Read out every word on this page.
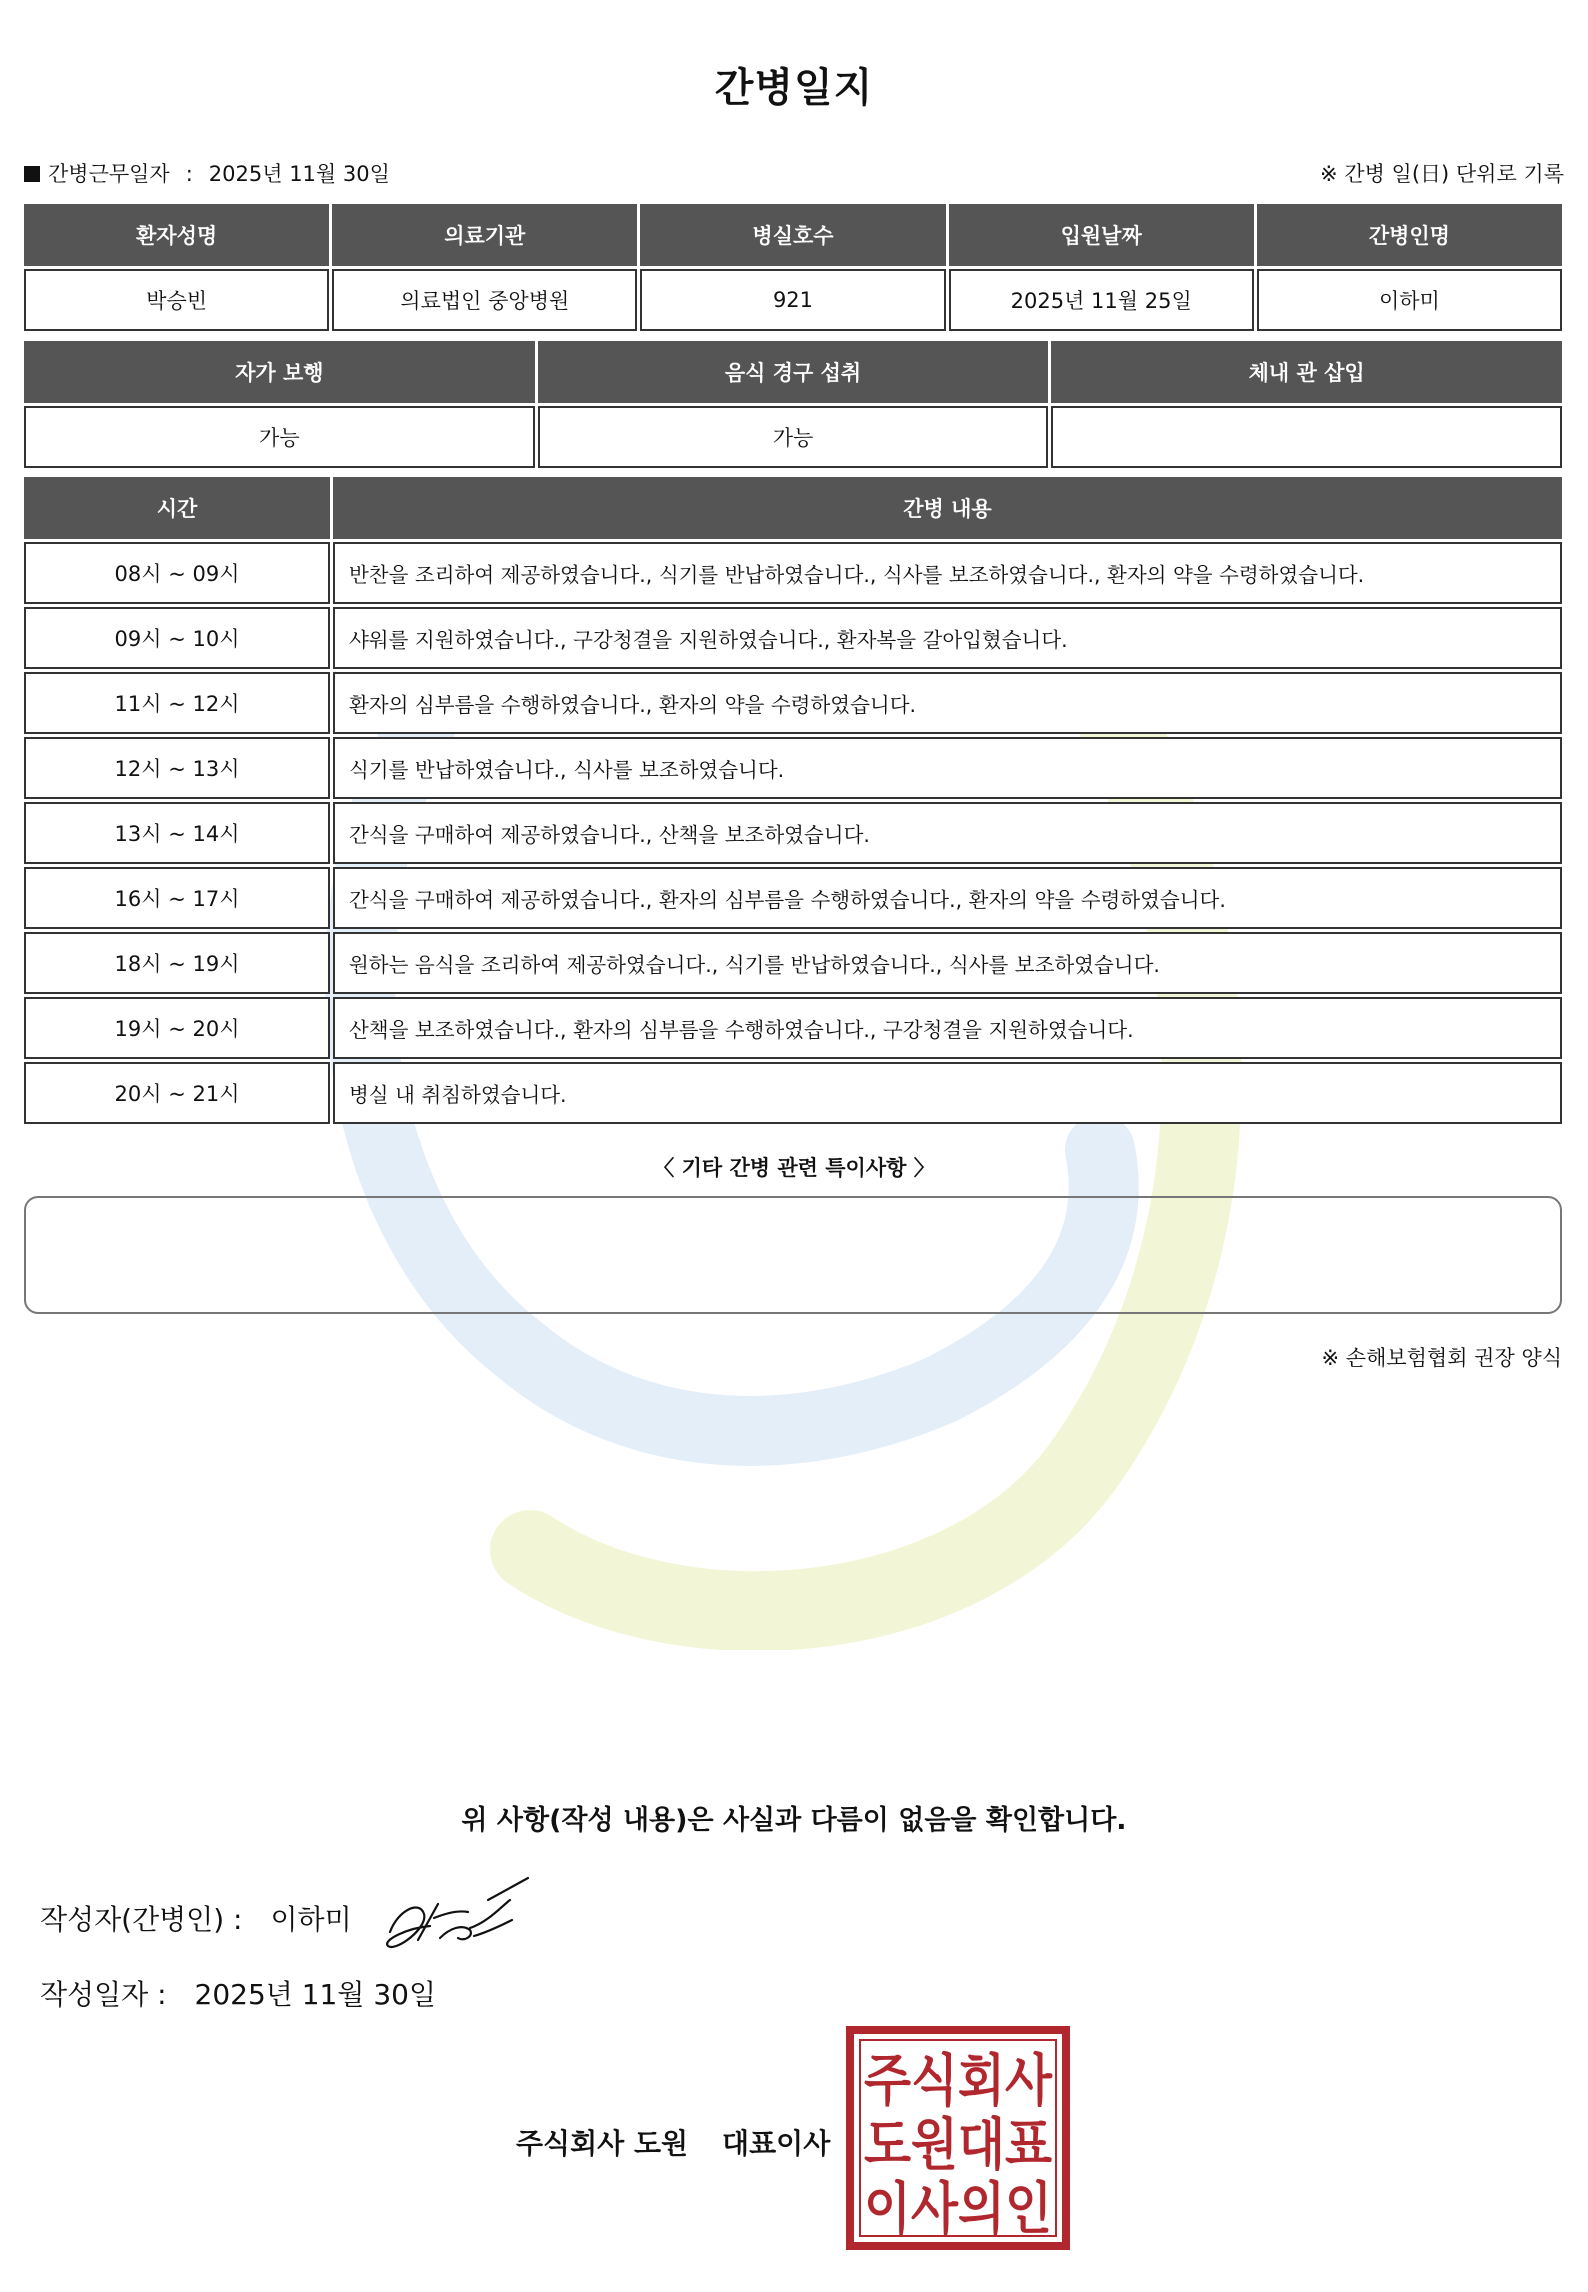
간병일지
간병근무일자 : 2025년 11월 30일	※ 간병 일(日) 단위로 기록
환자성명	의료기관	병실호수	입원날짜	간병인명
박승빈	의료법인 중앙병원	921	2025년 11월 25일	이하미
자가 보행	음식 경구 섭취	체내 관 삽입
가능	가능
시간	간병 내용
08시 ~ 09시	반찬을 조리하여 제공하였습니다., 식기를 반납하였습니다., 식사를 보조하였습니다., 환자의 약을 수령하였습니다.
09시 ~ 10시	샤워를 지원하였습니다., 구강청결을 지원하였습니다., 환자복을 갈아입혔습니다.
11시 ~ 12시	환자의 심부름을 수행하였습니다., 환자의 약을 수령하였습니다.
12시 ~ 13시	식기를 반납하였습니다., 식사를 보조하였습니다.
13시 ~ 14시	간식을 구매하여 제공하였습니다., 산책을 보조하였습니다.
16시 ~ 17시	간식을 구매하여 제공하였습니다., 환자의 심부름을 수행하였습니다., 환자의 약을 수령하였습니다.
18시 ~ 19시	원하는 음식을 조리하여 제공하였습니다., 식기를 반납하였습니다., 식사를 보조하였습니다.
19시 ~ 20시	산책을 보조하였습니다., 환자의 심부름을 수행하였습니다., 구강청결을 지원하였습니다.
20시 ~ 21시	병실 내 취침하였습니다.
〈 기타 간병 관련 특이사항 〉
※ 손해보험협회 권장 양식
위 사항(작성 내용)은 사실과 다름이 없음을 확인합니다.
작성자(간병인) : 이하미
작성일자 : 2025년 11월 30일
주식회사 도원 대표이사
주식회사
도원대표
이사의인
